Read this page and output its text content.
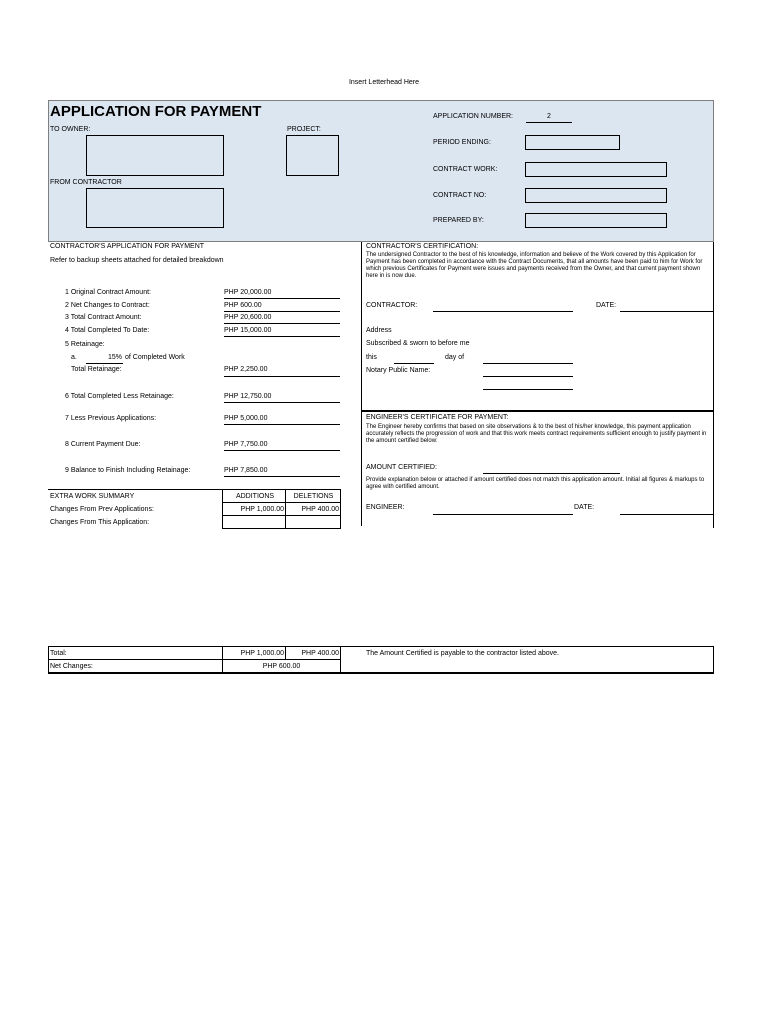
Insert Letterhead Here
APPLICATION FOR PAYMENT
TO OWNER:	PROJECT:
FROM CONTRACTOR
APPLICATION NUMBER:	2
PERIOD ENDING:
CONTRACT WORK:
CONTRACT NO:
PREPARED BY:
CONTRACTOR'S APPLICATION FOR PAYMENT
Refer to backup sheets attached for detailed breakdown
1 Original Contract Amount:	PHP 20,000.00
2 Net Changes to Contract:	PHP 600.00
3 Total Contract Amount:	PHP 20,600.00
4 Total Completed To Date:	PHP 15,000.00
5 Retainage:
a.	15% of Completed Work
Total Retainage:	PHP 2,250.00
6 Total Completed Less Retainage:	PHP 12,750.00
7 Less Previous Applications:	PHP 5,000.00
8 Current Payment Due:	PHP 7,750.00
9 Balance to Finish Including Retainage:	PHP 7,850.00
EXTRA WORK SUMMARY	ADDITIONS	DELETIONS
Changes From Prev Applications:	PHP 1,000.00	PHP 400.00
Changes From This Application:
CONTRACTOR'S CERTIFICATION:
The undersigned Contractor to the best of his knowledge, information and believe of the Work covered by this Application for Payment has been completed in accordance with the Contract Documents, that all amounts have been paid to him for Work for which previous Certificates for Payment were issues and payments received from the Owner, and that current payment shown here in is now due.
CONTRACTOR:	DATE:
Address
Subscribed & sworn to before me
this	day of
Notary Public Name:
ENGINEER'S CERTIFICATE FOR PAYMENT:
The Engineer hereby confirms that based on site observations & to the best of his/her knowledge, this payment application accurately reflects the progression of work and that this work meets contract requirements sufficient enough to justify payment in the amount certified below:
AMOUNT CERTIFIED:
Provide explanation below or attached if amount certified does not match this application amount. Initial all figures & markups to agree with certified amount.
ENGINEER:	DATE:
Total:	PHP 1,000.00	PHP 400.00
Net Changes:	PHP 600.00
The Amount Certified is payable to the contractor listed above.
